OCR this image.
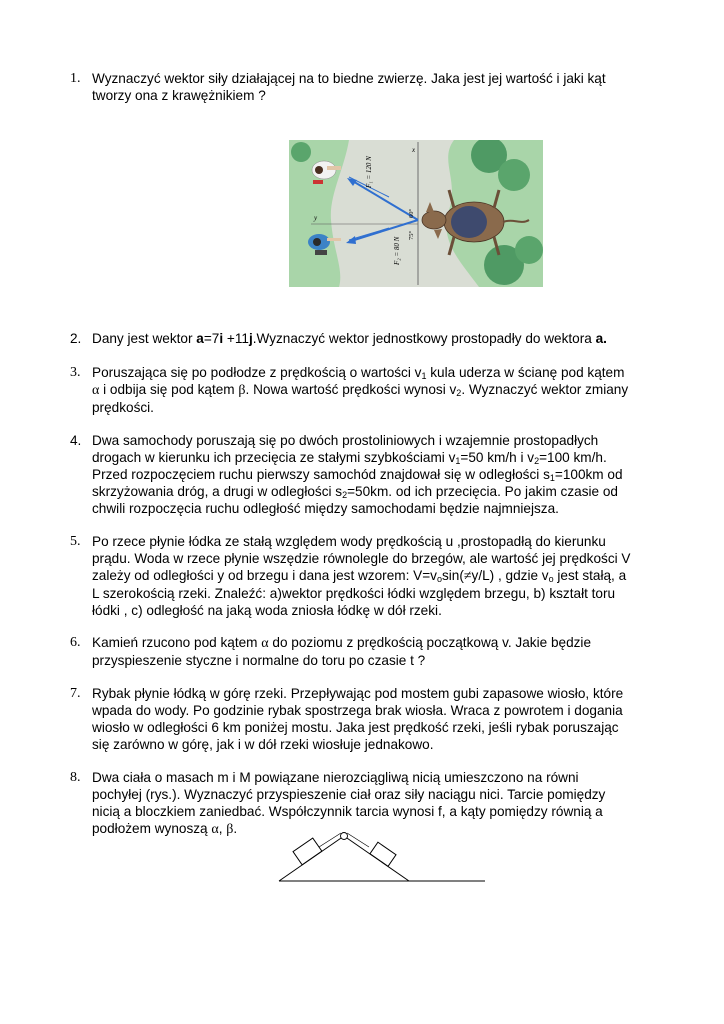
1. Wyznaczyć wektor siły działającej na to biedne zwierzę. Jaka jest jej wartość i jaki kąt
tworzy ona z krawężnikiem ?
x
y
F₁ = 120 N
F₂ = 80 N
60°
75°
2. Dany jest wektor a=7i +11j.Wyznaczyć wektor jednostkowy prostopadły do wektora a.
3. Poruszająca się po podłodze z prędkością o wartości $v_1$ kula uderza w ścianę pod kątem
α i odbija się pod kątem β. Nowa wartość prędkości wynosi $v_2$. Wyznaczyć wektor zmiany
prędkości.
4. Dwa samochody poruszają się po dwóch prostoliniowych i wzajemnie prostopadłych
drogach w kierunku ich przecięcia ze stałymi szybkościami $v_1=50$ km/h i $v_2=100$ km/h.
Przed rozpoczęciem ruchu pierwszy samochód znajdował się w odległości $s_1=100km$ od
skrzyżowania dróg, a drugi w odległości $s_2=50km$. od ich przecięcia. Po jakim czasie od
chwili rozpoczęcia ruchu odległość między samochodami będzie najmniejsza.
5. Po rzece płynie łódka ze stałą względem wody prędkością u ,prostopadłą do kierunku
prądu. Woda w rzece płynie wszędzie równolegle do brzegów, ale wartość jej prędkości V
zależy od odległości y od brzegu i dana jest wzorem: $V=v_o\sin(\ne y/L)$ , gdzie $v_o$ jest stałą, a
L szerokością rzeki. Znaleźć: a)wektor prędkości łódki względem brzegu, b) kształt toru
łódki , c) odległość na jaką woda zniosła łódkę w dół rzeki.
6. Kamień rzucono pod kątem α do poziomu z prędkością początkową v. Jakie będzie
przyspieszenie styczne i normalne do toru po czasie t ?
7. Rybak płynie łódką w górę rzeki. Przepływając pod mostem gubi zapasowe wiosło, które
wpada do wody. Po godzinie rybak spostrzega brak wiosła. Wraca z powrotem i dogania
wiosło w odległości 6 km poniżej mostu. Jaka jest prędkość rzeki, jeśli rybak poruszając
się zarówno w górę, jak i w dół rzeki wiosłuje jednakowo.
8. Dwa ciała o masach m i M powiązane nierozciągliwą nicią umieszczono na równi
pochyłej (rys.). Wyznaczyć przyspieszenie ciał oraz siły naciągu nici. Tarcie pomiędzy
nicią a bloczkiem zaniedbać. Współczynnik tarcia wynosi f, a kąty pomiędzy równią a
podłożem wynoszą α, β.
